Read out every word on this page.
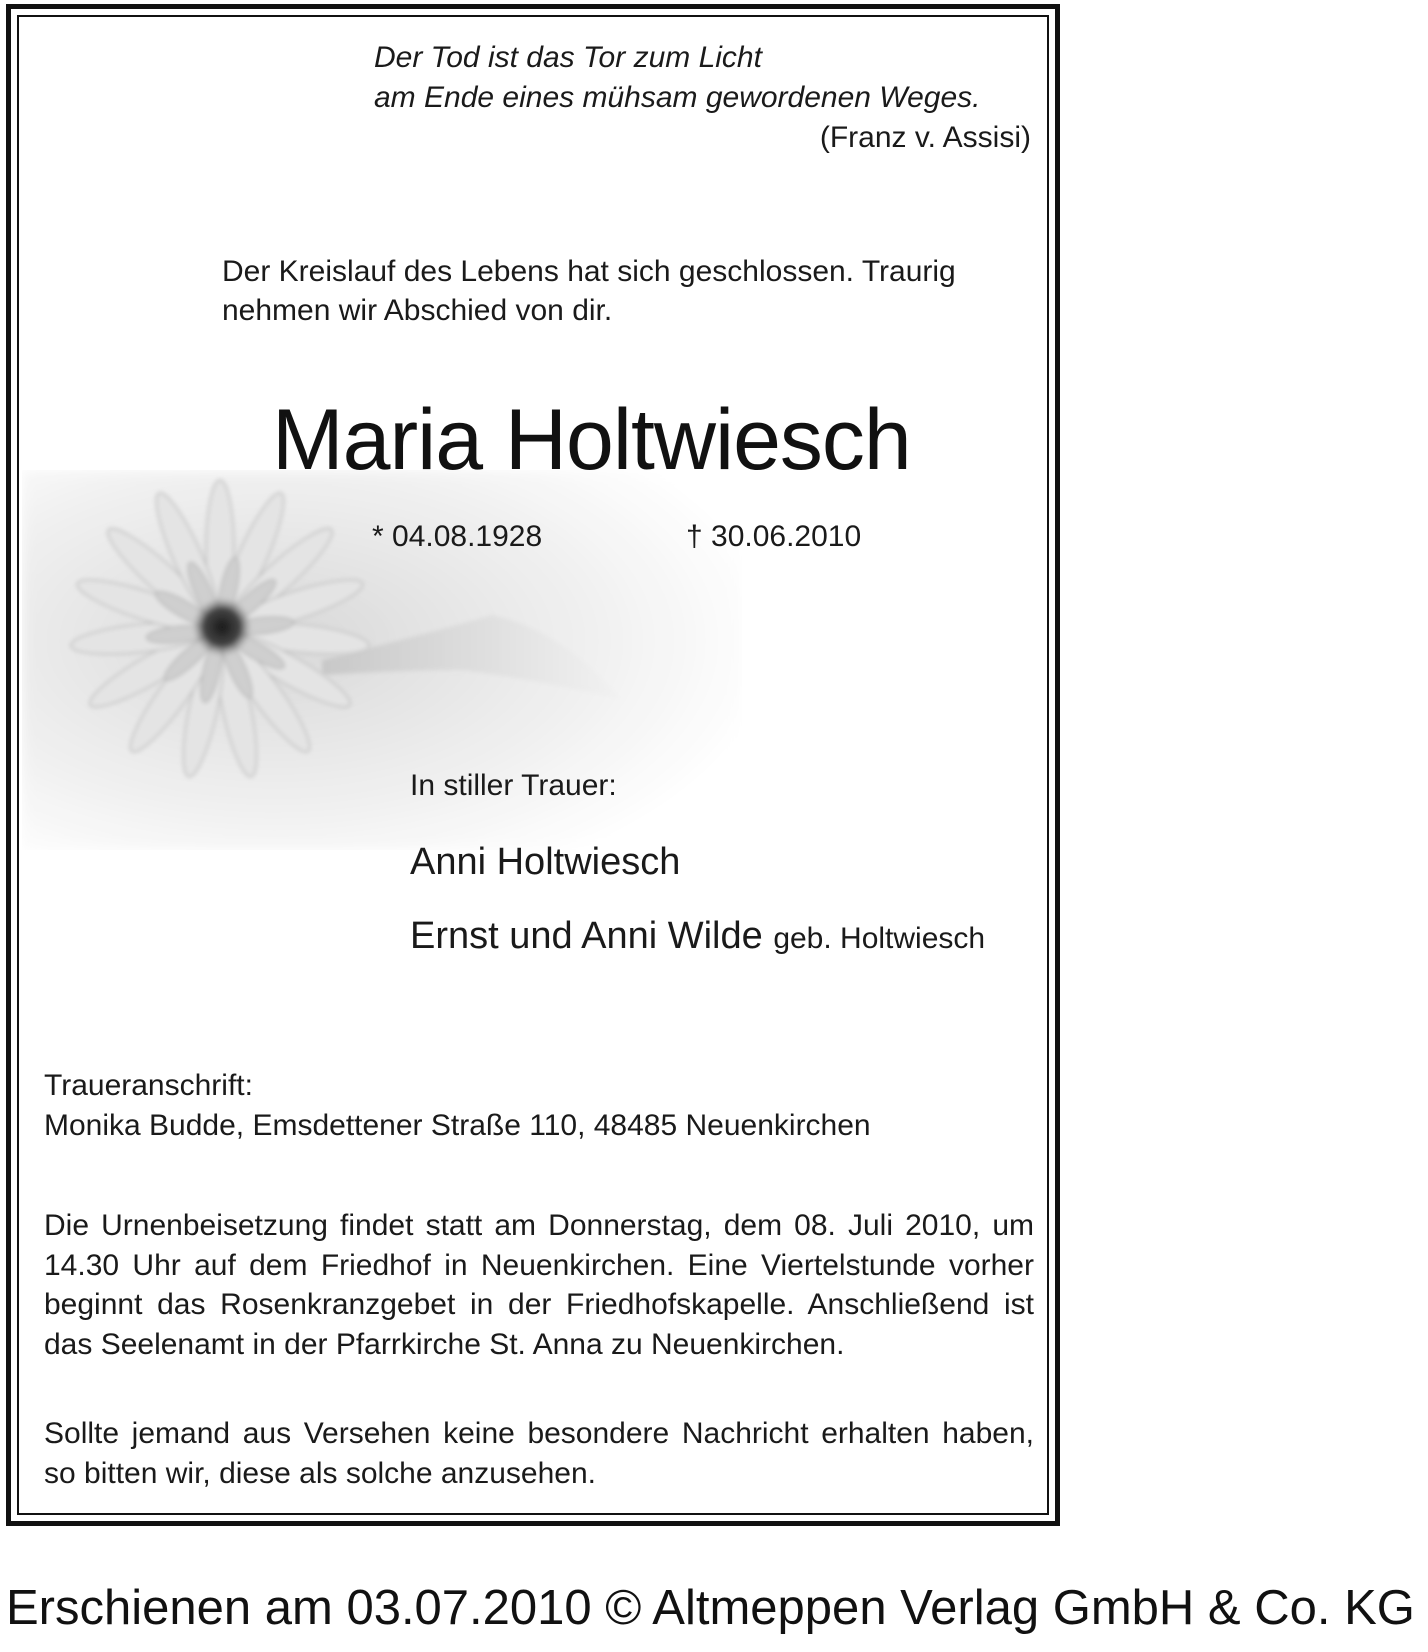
Der Tod ist das Tor zum Licht
am Ende eines mühsam gewordenen Weges.
(Franz v. Assisi)

Der Kreislauf des Lebens hat sich geschlossen. Traurig nehmen wir Abschied von dir.

Maria Holtwiesch
* 04.08.1928	† 30.06.2010
In stiller Trauer:
Anni Holtwiesch
Ernst und Anni Wilde geb. Holtwiesch
Traueranschrift:
Monika Budde, Emsdettener Straße 110, 48485 Neuenkirchen

Die Urnenbeisetzung findet statt am Donnerstag, dem 08. Juli 2010, um 14.30 Uhr auf dem Friedhof in Neuenkirchen. Eine Viertelstunde vorher beginnt das Rosenkranzgebet in der Friedhofskapelle. Anschließend ist das Seelenamt in der Pfarrkirche St. Anna zu Neuenkirchen.

Sollte jemand aus Versehen keine besondere Nachricht erhalten haben, so bitten wir, diese als solche anzusehen.

Erschienen am 03.07.2010 © Altmeppen Verlag GmbH & Co. KG
